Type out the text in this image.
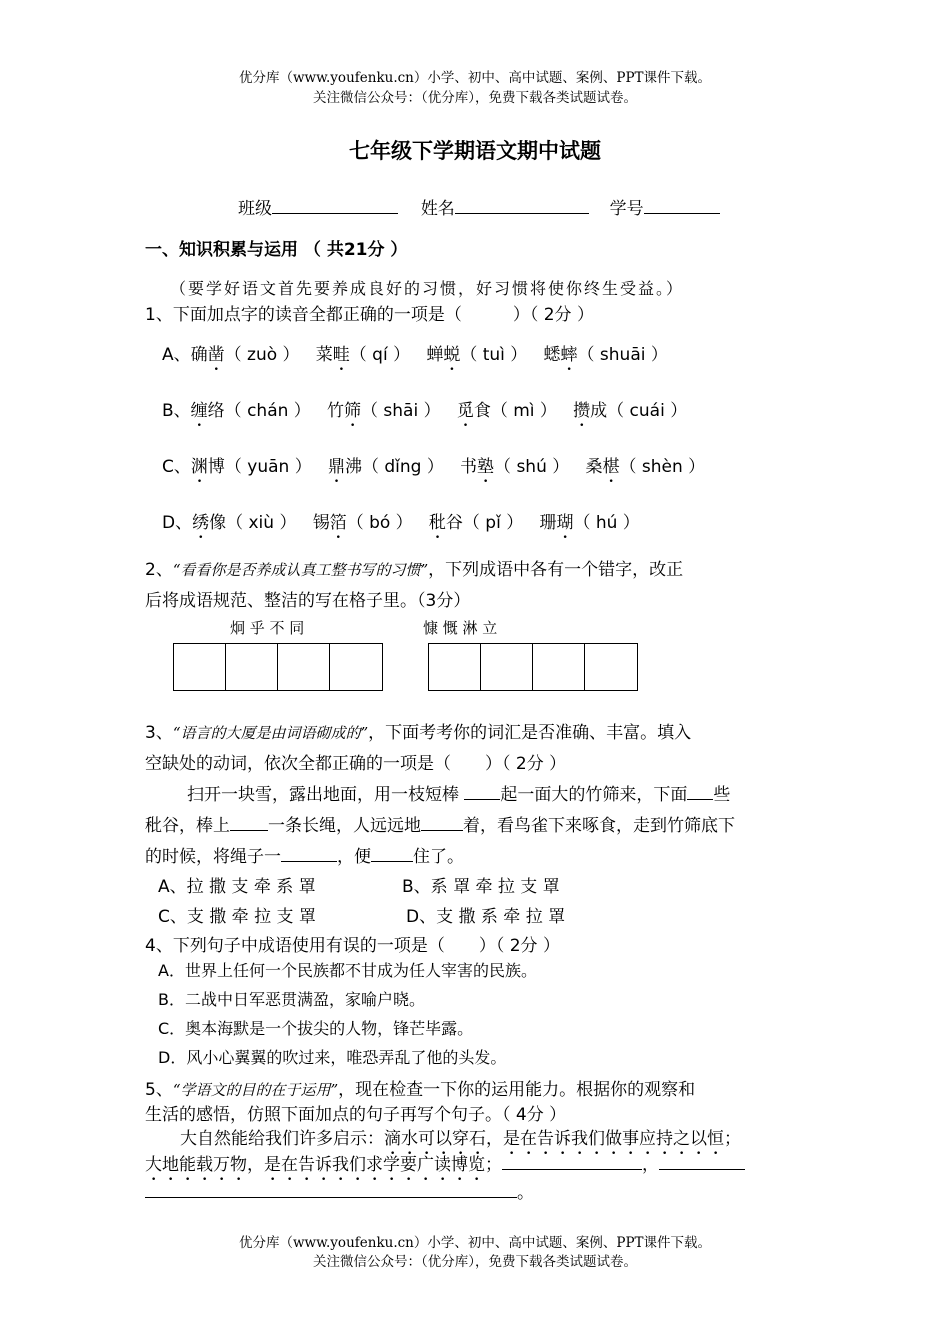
优分库（www.youfenku.cn）小学、初中、高中试题、案例、PPT课件下载。
关注微信公众号：（优分库），免费下载各类试题试卷。
七年级下学期语文期中试题
班级	姓名	学号
一、知识积累与运用 （ 共21分 ）
（要学好语文首先要养成良好的习惯，好习惯将使你终生受益。）
1、下面加点字的读音全都正确的一项是（　　　）（ 2分 ）
A、确凿（ zuò ） 菜畦（ qí ） 蝉蜕（ tuì ） 蟋蟀（ shuāi ）
B、缠络（ chán ） 竹筛（ shāi ） 觅食（ mì ） 攒成（ cuái ）
C、渊博（ yuān ） 鼎沸（ dǐng ） 书塾（ shú ） 桑椹（ shèn ）
D、绣像（ xiù ） 锡箔（ bó ） 秕谷（ pǐ ） 珊瑚（ hú ）
2、“看看你是否养成认真工整书写的习惯”，下列成语中各有一个错字，改正
后将成语规范、整洁的写在格子里。（3分）
炯 乎 不 同	慷 慨 淋 立
3、“语言的大厦是由词语砌成的”，下面考考你的词汇是否准确、丰富。填入
空缺处的动词，依次全都正确的一项是（　　）（ 2分 ）
扫开一块雪，露出地面，用一枝短棒 起一面大的竹筛来，下面 些
秕谷，棒上 一条长绳，人远远地 着，看鸟雀下来啄食，走到竹筛底下
的时候，将绳子一	，便 住了。
A、拉 撒 支 牵 系 罩	B、系 罩 牵 拉 支 罩
C、支 撒 牵 拉 支 罩	D、支 撒 系 牵 拉 罩
4、下列句子中成语使用有误的一项是（　　）（ 2分 ）
A．世界上任何一个民族都不甘成为任人宰害的民族。
B．二战中日军恶贯满盈，家喻户晓。
C．奥本海默是一个拔尖的人物，锋芒毕露。
D．风小心翼翼的吹过来，唯恐弄乱了他的头发。
5、“学语文的目的在于运用”，现在检查一下你的运用能力。根据你的观察和
生活的感悟，仿照下面加点的句子再写个句子。（ 4分 ）
大自然能给我们许多启示：滴水可以穿石，是在告诉我们做事应持之以恒；
大地能载万物，是在告诉我们求学要广读博览；	，
。
优分库（www.youfenku.cn）小学、初中、高中试题、案例、PPT课件下载。
关注微信公众号：（优分库），免费下载各类试题试卷。
